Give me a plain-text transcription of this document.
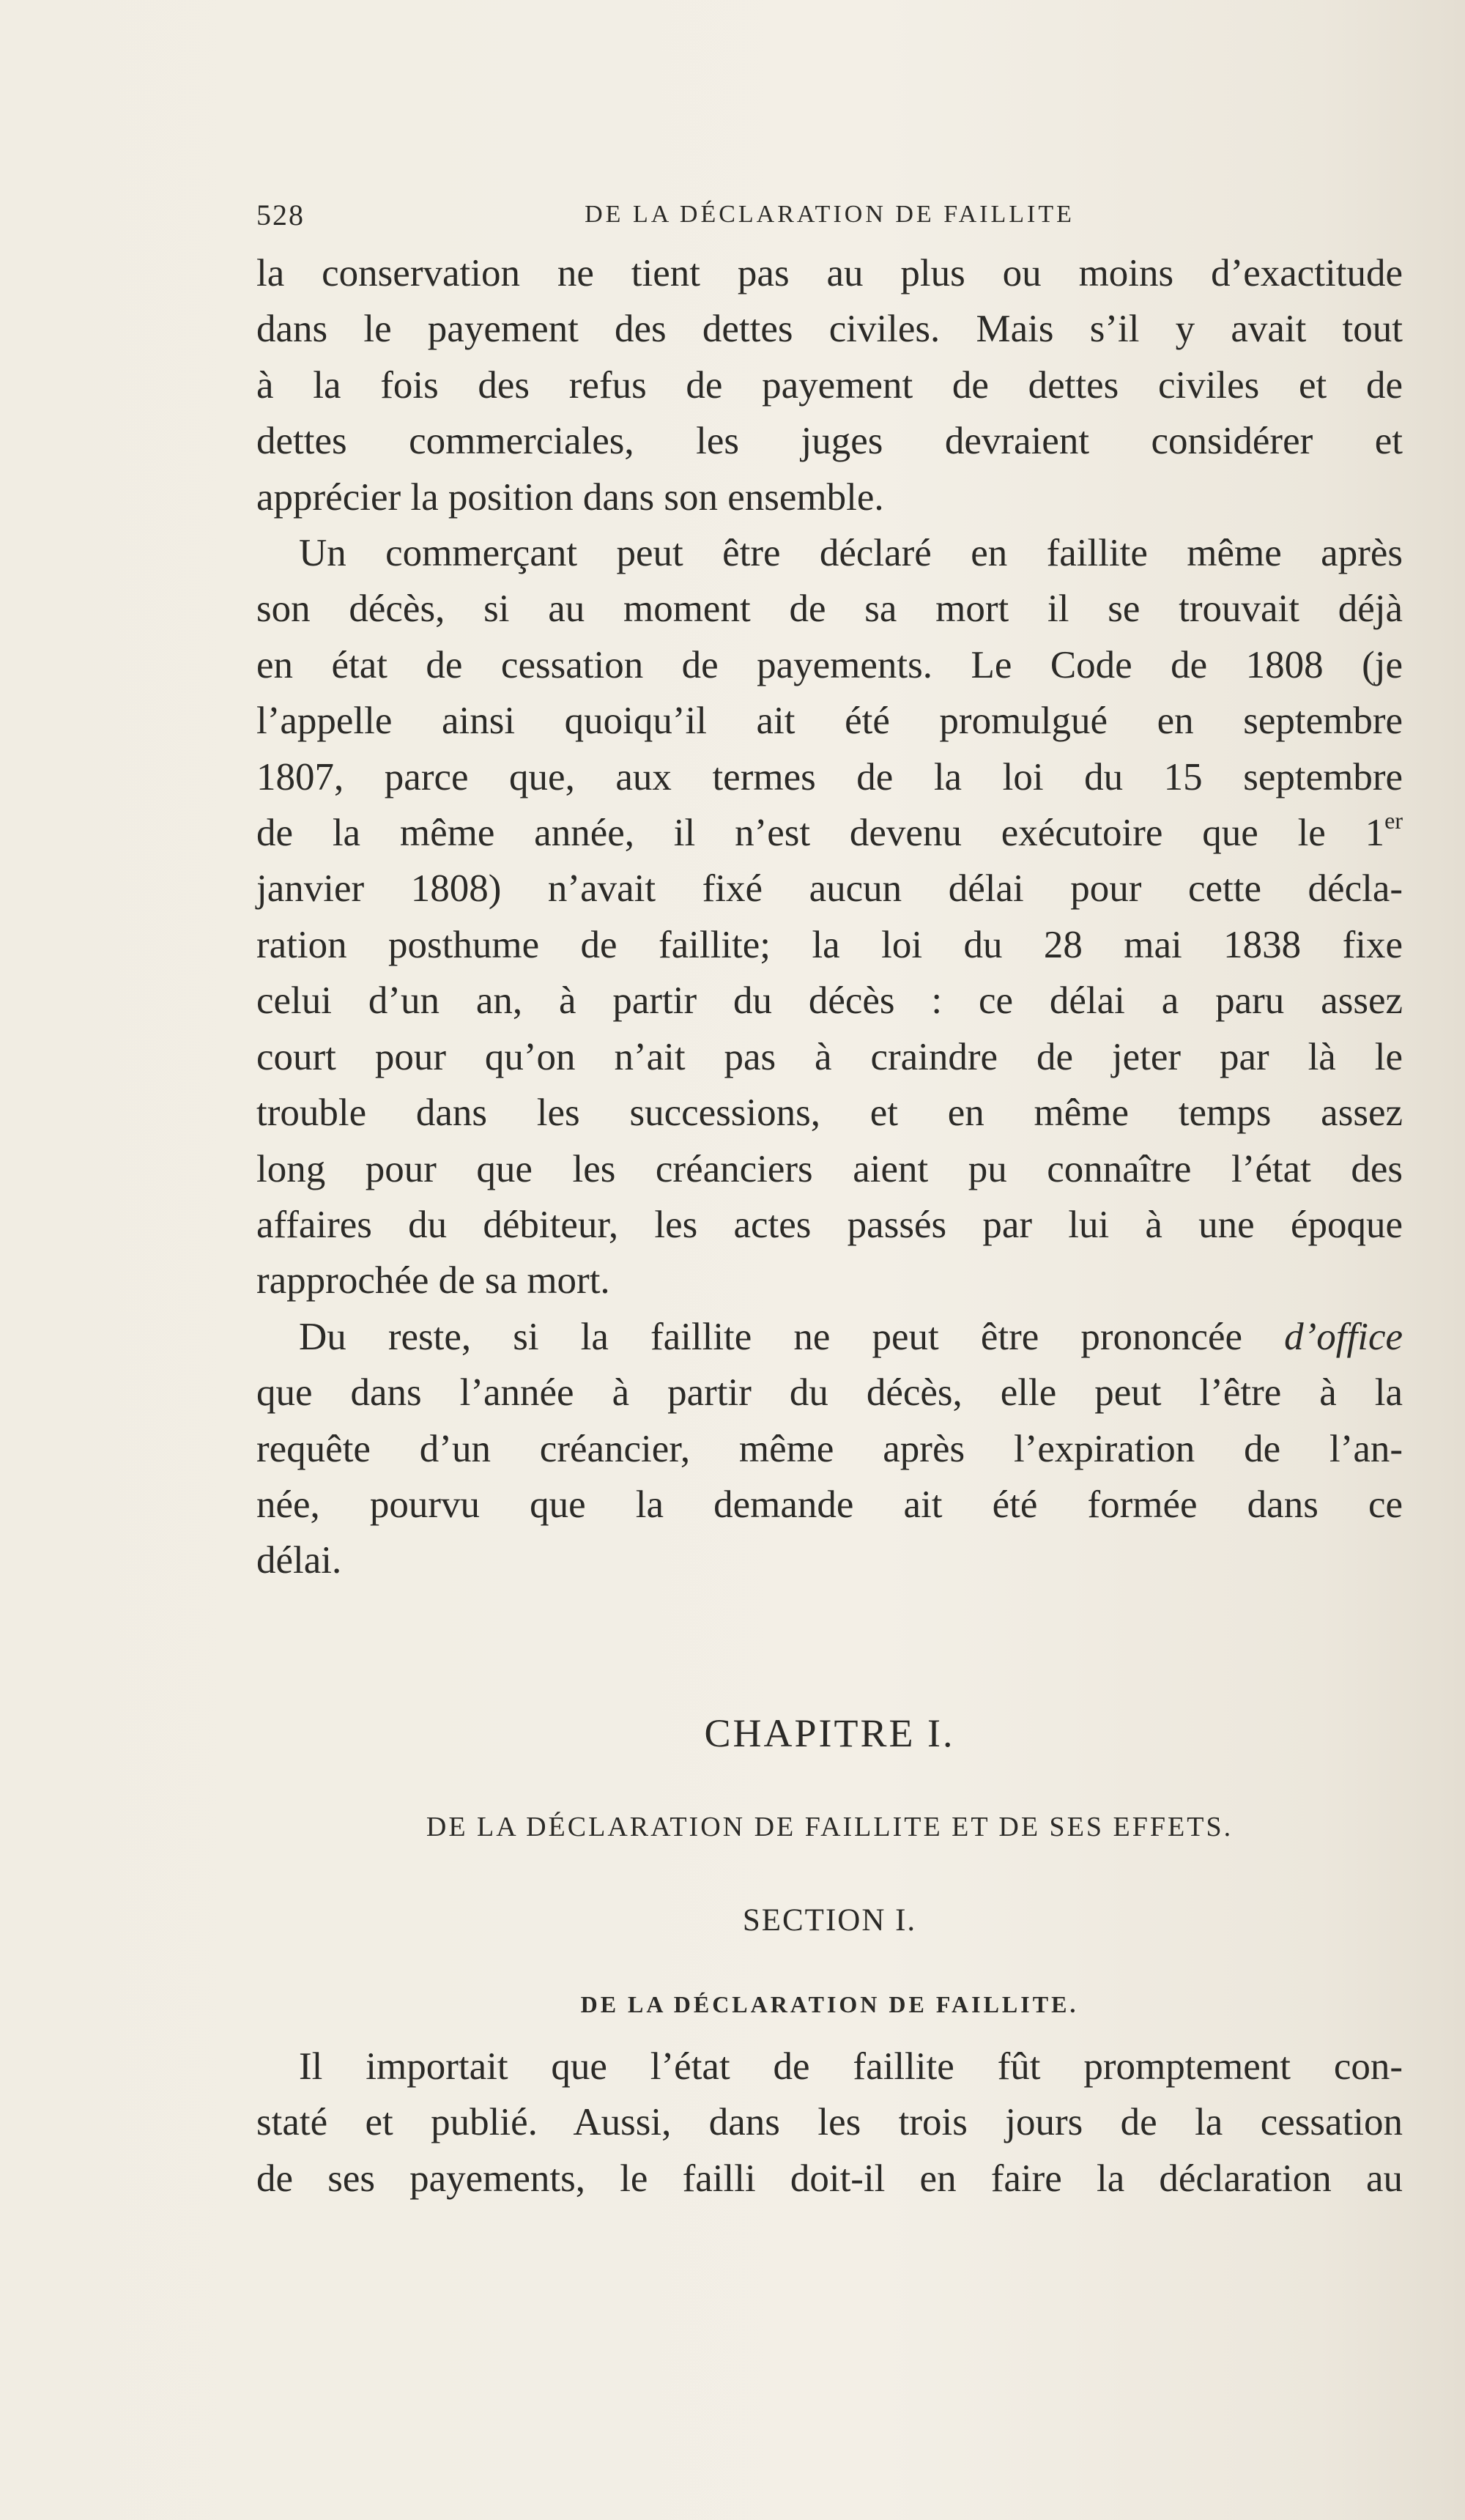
528	DE LA DÉCLARATION DE FAILLITE

la conservation ne tient pas au plus ou moins d’exactitude
dans le payement des dettes civiles. Mais s’il y avait tout
à la fois des refus de payement de dettes civiles et de
dettes commerciales, les juges devraient considérer et
apprécier la position dans son ensemble.

Un commerçant peut être déclaré en faillite même après
son décès, si au moment de sa mort il se trouvait déjà
en état de cessation de payements. Le Code de 1808 (je
l’appelle ainsi quoiqu’il ait été promulgué en septembre
1807, parce que, aux termes de la loi du 15 septembre
de la même année, il n’est devenu exécutoire que le 1er
janvier 1808) n’avait fixé aucun délai pour cette décla-
ration posthume de faillite; la loi du 28 mai 1838 fixe
celui d’un an, à partir du décès : ce délai a paru assez
court pour qu’on n’ait pas à craindre de jeter par là le
trouble dans les successions, et en même temps assez
long pour que les créanciers aient pu connaître l’état des
affaires du débiteur, les actes passés par lui à une époque
rapprochée de sa mort.

Du reste, si la faillite ne peut être prononcée d’office
que dans l’année à partir du décès, elle peut l’être à la
requête d’un créancier, même après l’expiration de l’an-
née, pourvu que la demande ait été formée dans ce
délai.

CHAPITRE I.
DE LA DÉCLARATION DE FAILLITE ET DE SES EFFETS.
SECTION I.
DE LA DÉCLARATION DE FAILLITE.

Il importait que l’état de faillite fût promptement con-
staté et publié. Aussi, dans les trois jours de la cessation
de ses payements, le failli doit-il en faire la déclaration au
